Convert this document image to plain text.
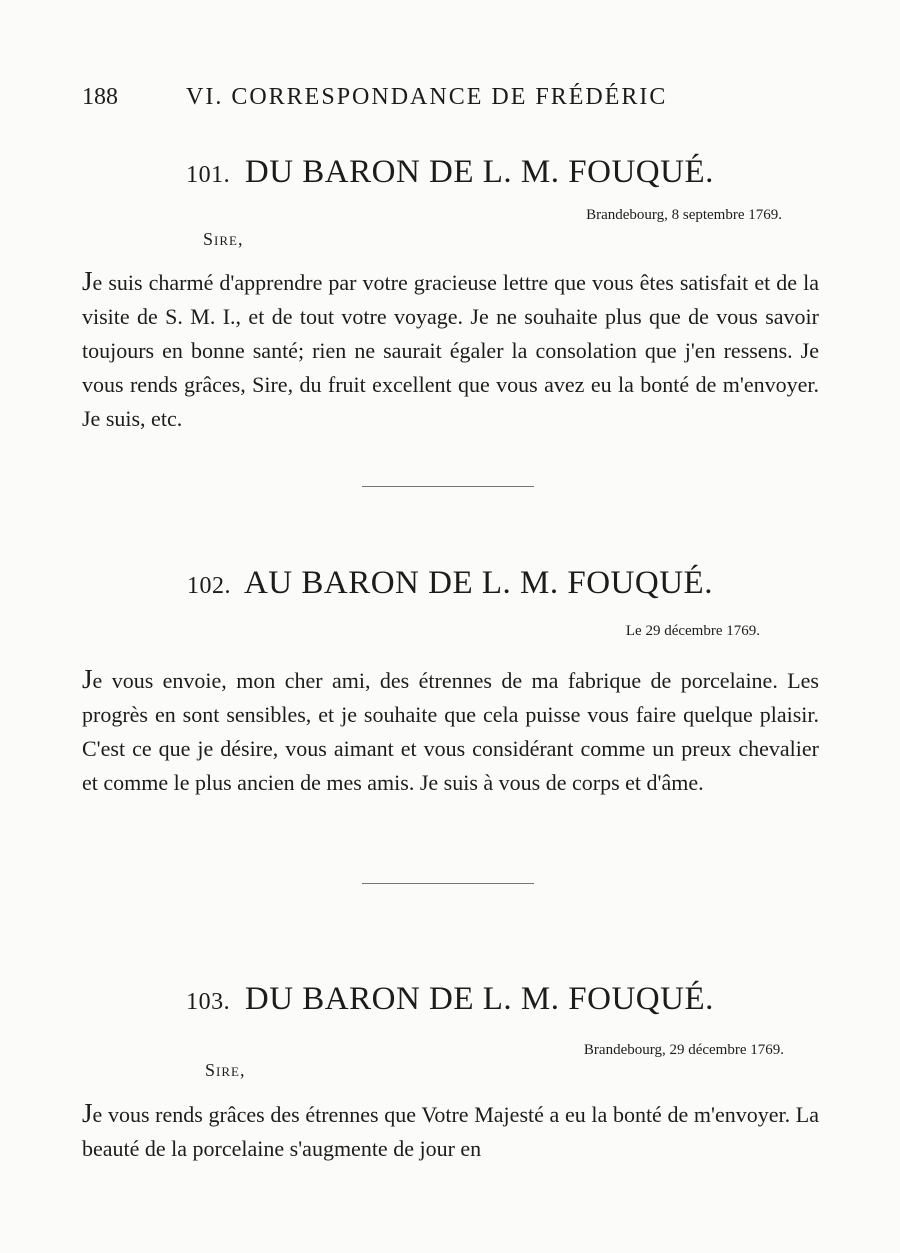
188	VI. CORRESPONDANCE DE FRÉDÉRIC
101. DU BARON DE L. M. FOUQUÉ.
Brandebourg, 8 septembre 1769.
Sire,
Je suis charmé d'apprendre par votre gracieuse lettre que vous êtes satisfait et de la visite de S. M. I., et de tout votre voyage. Je ne souhaite plus que de vous savoir toujours en bonne santé; rien ne saurait égaler la consolation que j'en ressens. Je vous rends grâces, Sire, du fruit excellent que vous avez eu la bonté de m'envoyer. Je suis, etc.
102. AU BARON DE L. M. FOUQUÉ.
Le 29 décembre 1769.
Je vous envoie, mon cher ami, des étrennes de ma fabrique de porcelaine. Les progrès en sont sensibles, et je souhaite que cela puisse vous faire quelque plaisir. C'est ce que je désire, vous aimant et vous considérant comme un preux chevalier et comme le plus ancien de mes amis. Je suis à vous de corps et d'âme.
103. DU BARON DE L. M. FOUQUÉ.
Brandebourg, 29 décembre 1769.
Sire,
Je vous rends grâces des étrennes que Votre Majesté a eu la bonté de m'envoyer. La beauté de la porcelaine s'augmente de jour en
